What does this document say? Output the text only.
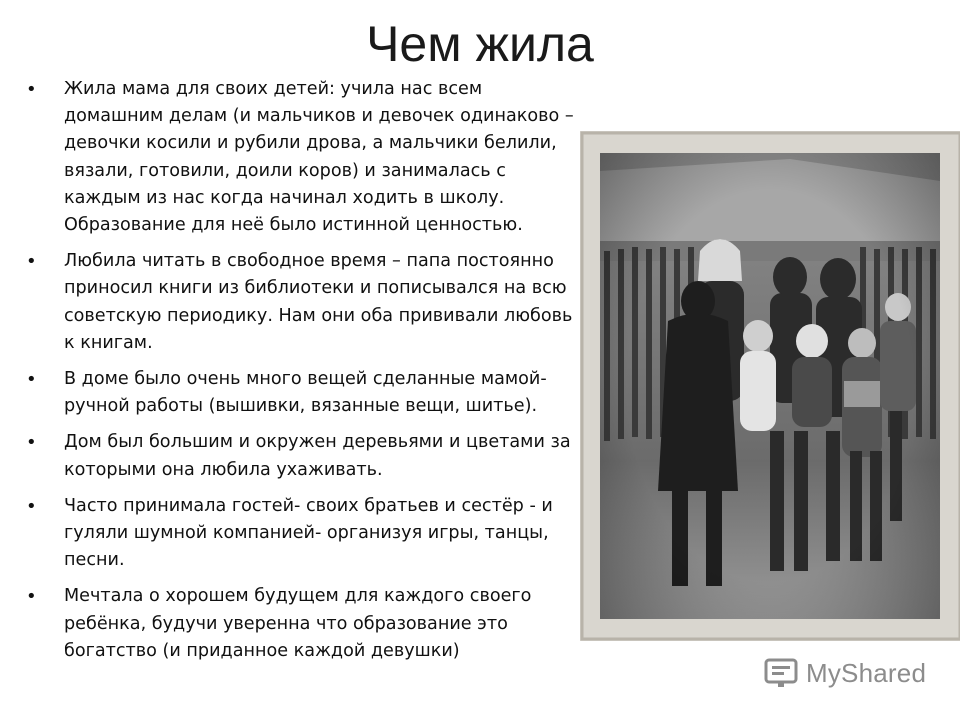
Чем жила
• Жила мама для своих детей: учила нас всем домашним делам (и мальчиков и девочек одинаково – девочки косили и рубили дрова, а мальчики белили, вязали, готовили, доили коров) и занималась с каждым из нас когда начинал ходить в школу. Образование для неё было истинной ценностью.
• Любила читать в свободное время – папа постоянно приносил книги из библиотеки и пописывался на всю советскую периодику. Нам они оба прививали любовь к книгам.
• В доме было очень много вещей сделанные мамой- ручной работы (вышивки, вязанные вещи, шитье).
• Дом был большим и окружен деревьями и цветами за которыми она любила ухаживать.
• Часто принимала гостей- своих братьев и сестёр - и гуляли шумной компанией- организуя игры, танцы, песни.
• Мечтала о хорошем будущем для каждого своего ребёнка, будучи уверенна что образование это богатство (и приданное каждой девушки)
MyShared
